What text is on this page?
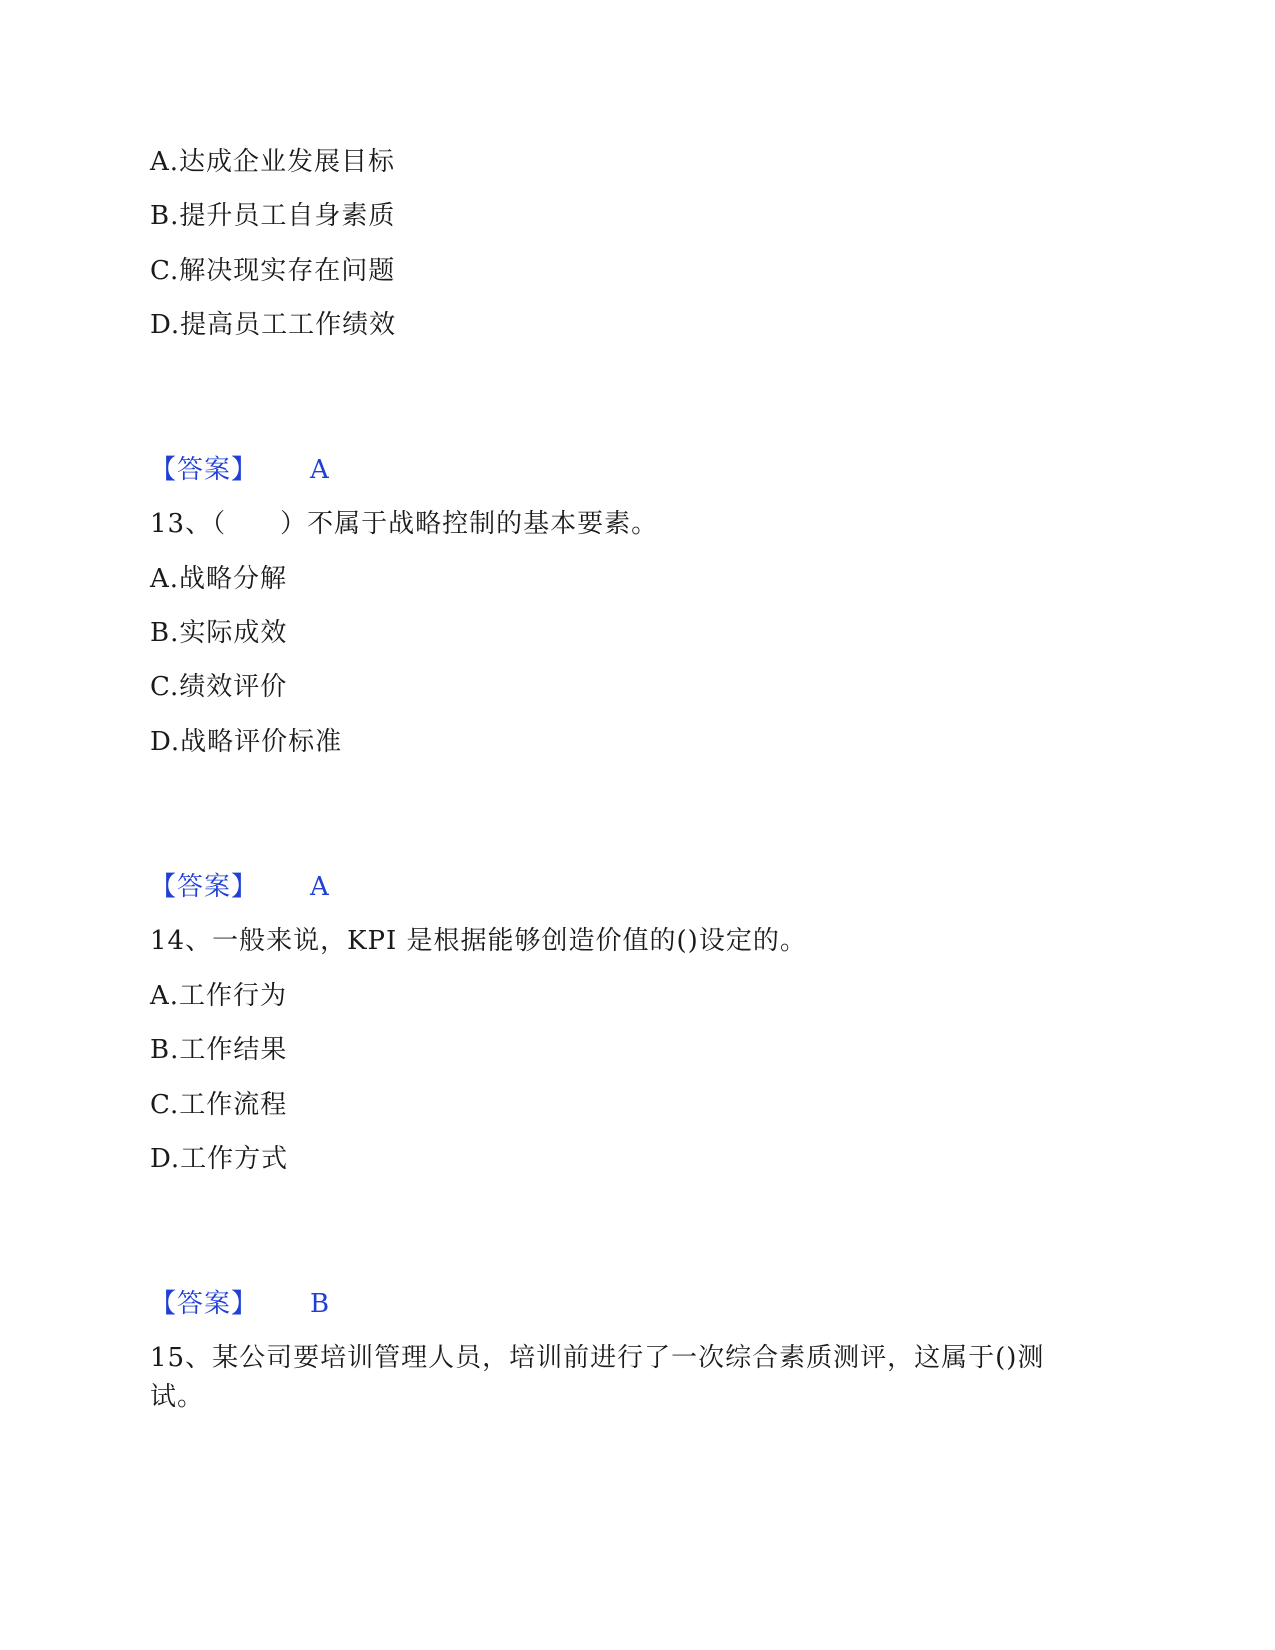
A.达成企业发展目标
B.提升员工自身素质
C.解决现实存在问题
D.提高员工工作绩效
【答案】 A
13、（　　）不属于战略控制的基本要素。
A.战略分解
B.实际成效
C.绩效评价
D.战略评价标准
【答案】 A
14、一般来说，KPI 是根据能够创造价值的()设定的。
A.工作行为
B.工作结果
C.工作流程
D.工作方式
【答案】 B
15、某公司要培训管理人员，培训前进行了一次综合素质测评，这属于()测
试。
